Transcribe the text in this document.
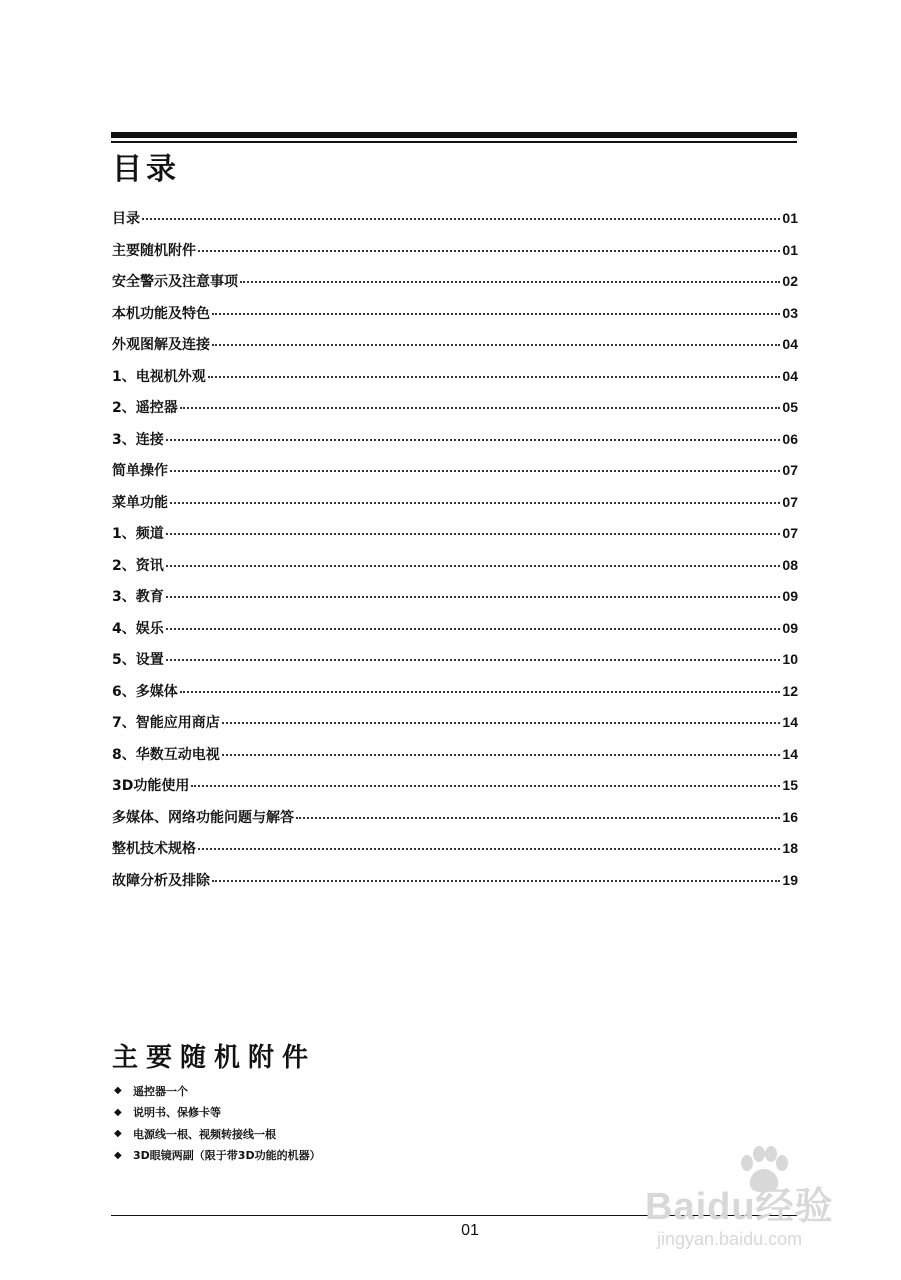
目录
目录	01
主要随机附件	01
安全警示及注意事项	02
本机功能及特色	03
外观图解及连接	04
1、电视机外观	04
2、遥控器	05
3、连接	06
简单操作	07
菜单功能	07
1、频道	07
2、资讯	08
3、教育	09
4、娱乐	09
5、设置	10
6、多媒体	12
7、智能应用商店	14
8、华数互动电视	14
3D功能使用	15
多媒体、网络功能问题与解答	16
整机技术规格	18
故障分析及排除	19
主要随机附件
◆ 遥控器一个
◆ 说明书、保修卡等
◆ 电源线一根、视频转接线一根
◆ 3D眼镜两副（限于带3D功能的机器）
01
Baidu经验
jingyan.baidu.com
